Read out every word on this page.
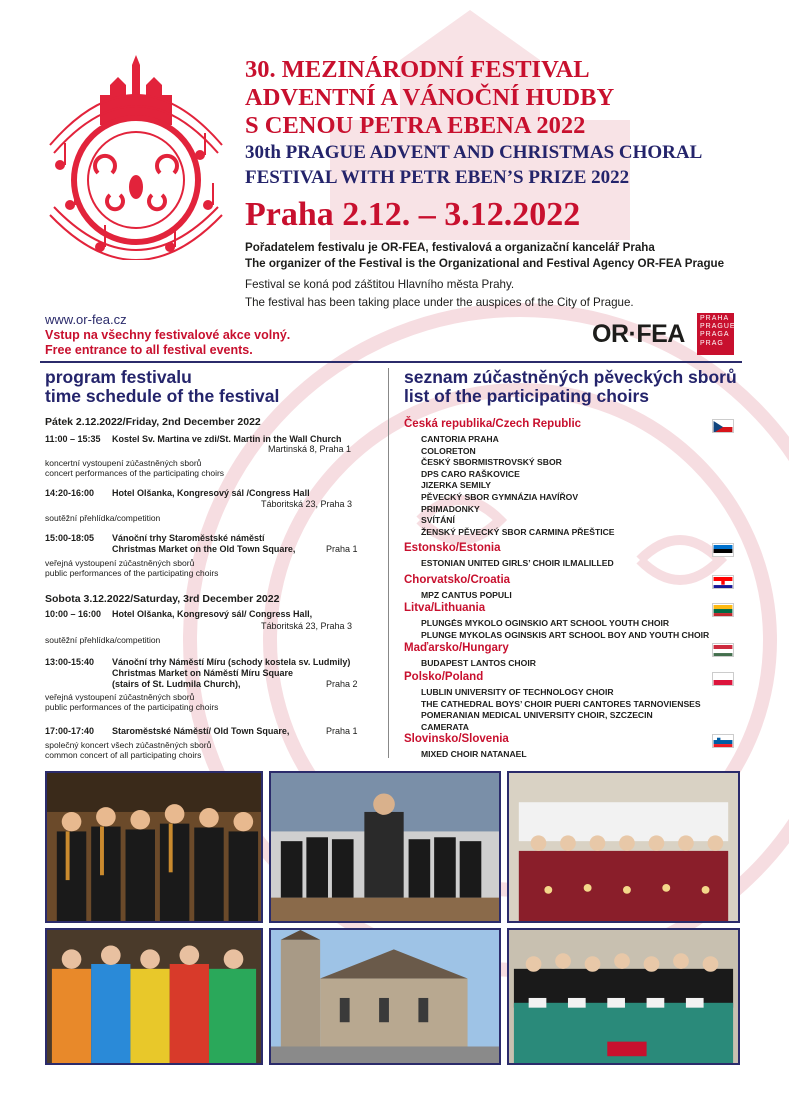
30. MEZINÁRODNÍ FESTIVAL
ADVENTNÍ A VÁNOČNÍ HUDBY
S CENOU PETRA EBENA 2022
30th PRAGUE ADVENT AND CHRISTMAS CHORAL
FESTIVAL WITH PETR EBEN’S PRIZE 2022
Praha 2.12. – 3.12.2022
Pořadatelem festivalu je OR-FEA, festivalová a organizační kancelář Praha
The organizer of the Festival is the Organizational and Festival Agency OR-FEA Prague
Festival se koná pod záštitou Hlavního města Prahy.
The festival has been taking place under the auspices of the City of Prague.
www.or-fea.cz
Vstup na všechny festivalové akce volný.
Free entrance to all festival events.
OR·FEA
PRAHA
PRAGUE
PRAGA
PRAG
program festivalu
time schedule of the festival
Pátek 2.12.2022/Friday, 2nd December 2022
11:00 – 15:35 Kostel Sv. Martina ve zdi/St. Martin in the Wall Church
Martinská 8, Praha 1
koncertní vystoupení zúčastněných sborů
concert performances of the participating choirs
14:20-16:00 Hotel Olšanka, Kongresový sál /Congress Hall
Táboritská 23, Praha 3
soutěžní přehlídka/competition
15:00-18:05 Vánoční trhy Staroměstské náměstí
Christmas Market on the Old Town Square,	Praha 1
veřejná vystoupení zúčastněných sborů
public performances of the participating choirs
Sobota 3.12.2022/Saturday, 3rd December 2022
10:00 – 16:00 Hotel Olšanka, Kongresový sál/ Congress Hall,
Táboritská 23, Praha 3
soutěžní přehlídka/competition
13:00-15:40 Vánoční trhy Náměstí Míru (schody kostela sv. Ludmily)
Christmas Market on Náměstí Míru Square
(stairs of St. Ludmila Church),	Praha 2
veřejná vystoupení zúčastněných sborů
public performances of the participating choirs
17:00-17:40 Staroměstské Náměstí/ Old Town Square,	Praha 1
společný koncert všech zúčastněných sborů
common concert of all participating choirs
seznam zúčastněných pěveckých sborů
list of the participating choirs
Česká republika/Czech Republic
CANTORIA PRAHA
COLORETON
ČESKÝ SBORMISTROVSKÝ SBOR
DPS CARO RAŠKOVICE
JIZERKA SEMILY
PĚVECKÝ SBOR GYMNÁZIA HAVÍŘOV
PRIMADONKY
SVÍTÁNÍ
ŽENSKÝ PĚVECKÝ SBOR CARMINA PŘEŠTICE
Estonsko/Estonia
ESTONIAN UNITED GIRLS’ CHOIR ILMALILLED
Chorvatsko/Croatia
MPZ CANTUS POPULI
Litva/Lithuania
PLUNGĖS MYKOLO OGINSKIO ART SCHOOL YOUTH CHOIR
PLUNGE MYKOLAS OGINSKIS ART SCHOOL BOY AND YOUTH CHOIR
Maďarsko/Hungary
BUDAPEST LANTOS CHOIR
Polsko/Poland
LUBLIN UNIVERSITY OF TECHNOLOGY CHOIR
THE CATHEDRAL BOYS’ CHOIR PUERI CANTORES TARNOVIENSES
POMERANIAN MEDICAL UNIVERSITY CHOIR, SZCZECIN
CAMERATA
Slovinsko/Slovenia
MIXED CHOIR NATANAEL
